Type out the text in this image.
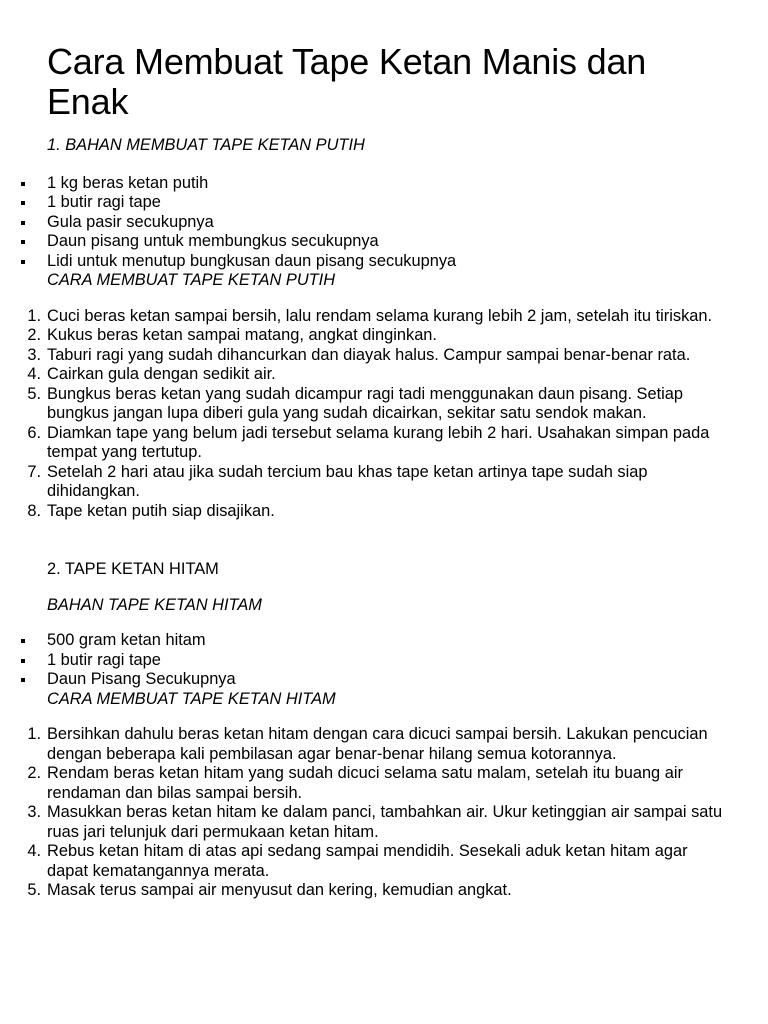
Cara Membuat Tape Ketan Manis dan Enak

1. BAHAN MEMBUAT TAPE KETAN PUTIH

1 kg beras ketan putih
1 butir ragi tape
Gula pasir secukupnya
Daun pisang untuk membungkus secukupnya
Lidi untuk menutup bungkusan daun pisang secukupnya

CARA MEMBUAT TAPE KETAN PUTIH

1. Cuci beras ketan sampai bersih, lalu rendam selama kurang lebih 2 jam, setelah itu tiriskan.
2. Kukus beras ketan sampai matang, angkat dinginkan.
3. Taburi ragi yang sudah dihancurkan dan diayak halus. Campur sampai benar-benar rata.
4. Cairkan gula dengan sedikit air.
5. Bungkus beras ketan yang sudah dicampur ragi tadi menggunakan daun pisang. Setiap bungkus jangan lupa diberi gula yang sudah dicairkan, sekitar satu sendok makan.
6. Diamkan tape yang belum jadi tersebut selama kurang lebih 2 hari. Usahakan simpan pada tempat yang tertutup.
7. Setelah 2 hari atau jika sudah tercium bau khas tape ketan artinya tape sudah siap dihidangkan.
8. Tape ketan putih siap disajikan.

2. TAPE KETAN HITAM

BAHAN TAPE KETAN HITAM

500 gram ketan hitam
1 butir ragi tape
Daun Pisang Secukupnya

CARA MEMBUAT TAPE KETAN HITAM

1. Bersihkan dahulu beras ketan hitam dengan cara dicuci sampai bersih. Lakukan pencucian dengan beberapa kali pembilasan agar benar-benar hilang semua kotorannya.
2. Rendam beras ketan hitam yang sudah dicuci selama satu malam, setelah itu buang air rendaman dan bilas sampai bersih.
3. Masukkan beras ketan hitam ke dalam panci, tambahkan air. Ukur ketinggian air sampai satu ruas jari telunjuk dari permukaan ketan hitam.
4. Rebus ketan hitam di atas api sedang sampai mendidih. Sesekali aduk ketan hitam agar dapat kematangannya merata.
5. Masak terus sampai air menyusut dan kering, kemudian angkat.
